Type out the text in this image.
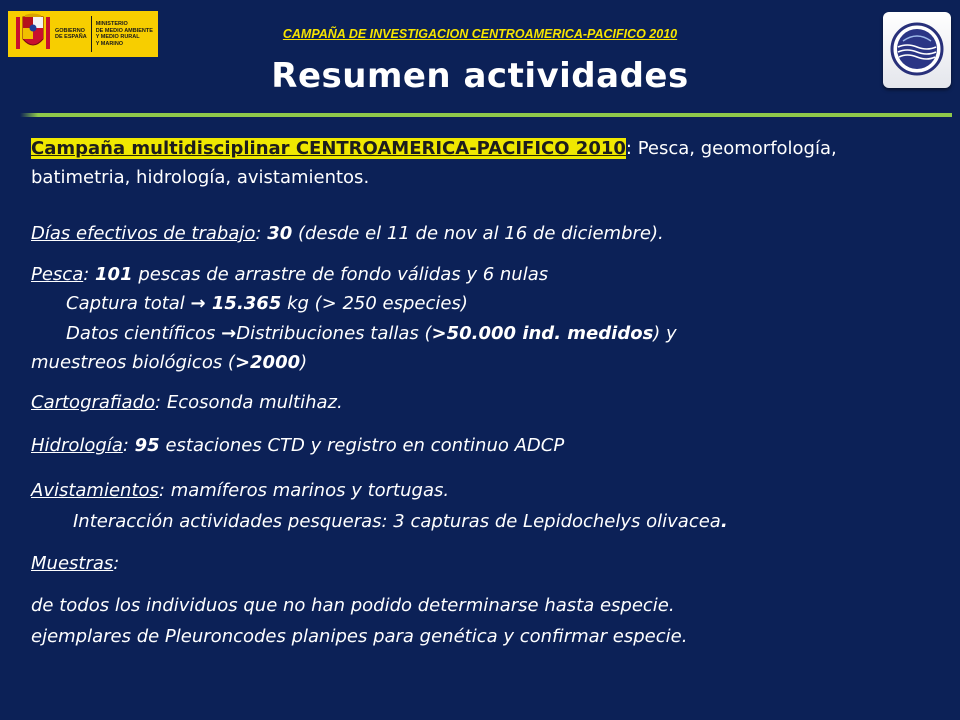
GOBIERNO
DE ESPAÑA
MINISTERIO
DE MEDIO AMBIENTE
Y MEDIO RURAL
Y MARINO
CAMPAÑA DE INVESTIGACION CENTROAMERICA-PACIFICO 2010
Resumen actividades
Campaña multidisciplinar CENTROAMERICA-PACIFICO 2010: Pesca, geomorfología,
batimetria, hidrología, avistamientos.
Días efectivos de trabajo: 30 (desde el 11 de nov al 16 de diciembre).
Pesca: 101 pescas de arrastre de fondo válidas y 6 nulas
Captura total → 15.365 kg (> 250 especies)
Datos científicos →Distribuciones tallas (>50.000 ind. medidos) y
muestreos biológicos (>2000)
Cartografiado: Ecosonda multihaz.
Hidrología: 95 estaciones CTD y registro en continuo ADCP
Avistamientos: mamíferos marinos y tortugas.
Interacción actividades pesqueras: 3 capturas de Lepidochelys olivacea.
Muestras:
de todos los individuos que no han podido determinarse hasta especie.
ejemplares de Pleuroncodes planipes para genética y confirmar especie.
